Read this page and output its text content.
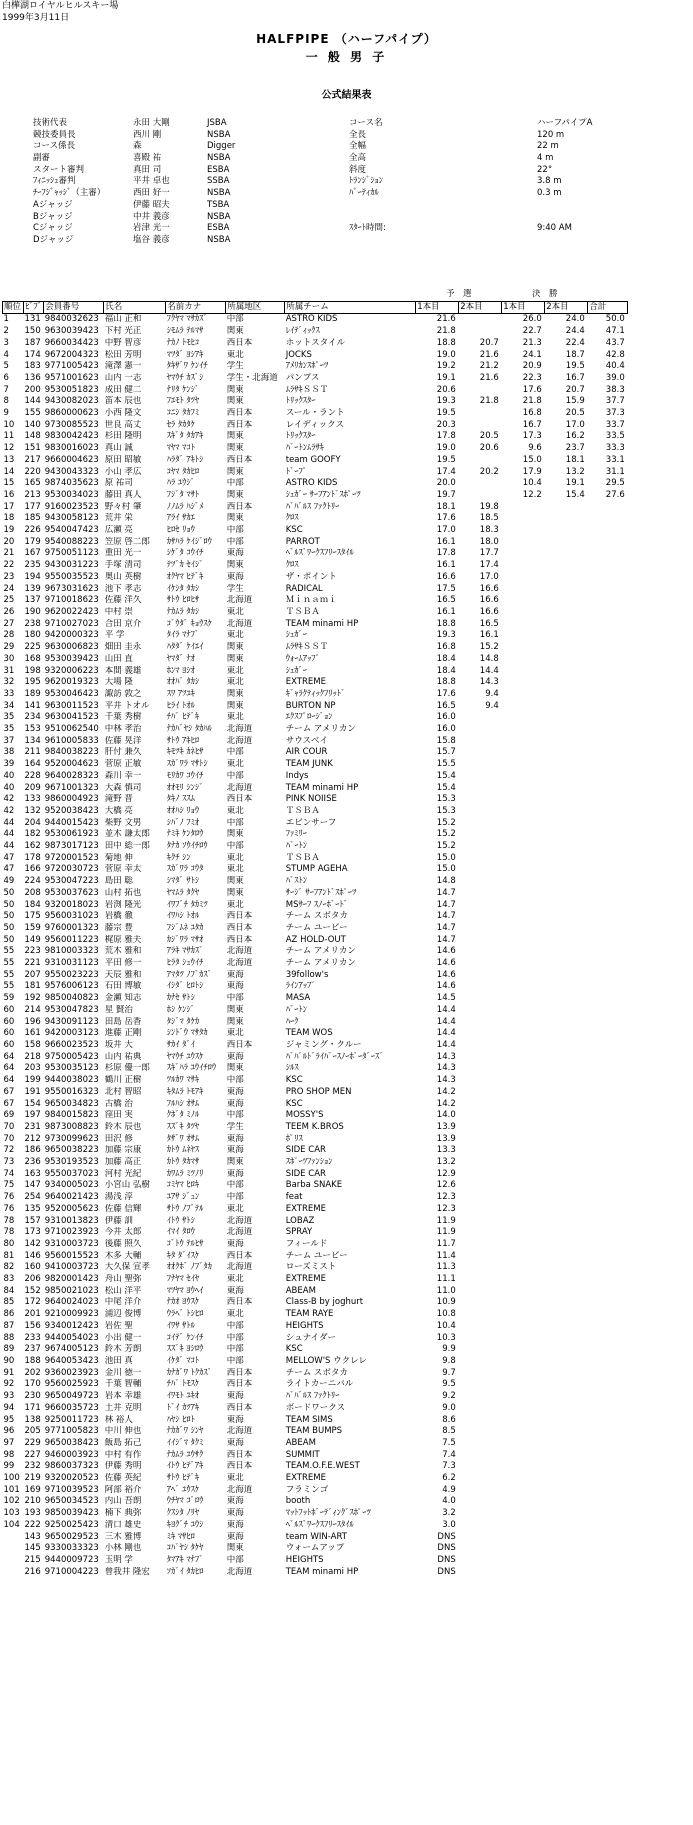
白樺湖ロイヤルヒルスキー場
1999年3月11日
HALFPIPE （ハーフパイプ）
一 般 男 子
公式結果表
技術代表	永田 大剛	JSBA
競技委員長	西川 剛	NSBA
コース係長	森	Digger
副審	喜殿 祐	NSBA
スタート審判	真田 司	ESBA
ﾌｨﾆｯｼｭ審判	平井 卓也	SSBA
ﾁｰﾌｼﾞｬｯｼﾞ（主審）	西田 好一	NSBA
Aジャッジ	伊藤 昭夫	TSBA
Bジャッジ	中井 義彦	NSBA
Cジャッジ	岩津 光一	ESBA
Dジャッジ	塩谷 義彦	NSBA
コース名	ハーフパイプA
全長	120 m
全幅	22 m
全高	4 m
斜度	22°
ﾄﾗﾝｼﾞｼｮﾝ	3.8 m
ﾊﾞｰﾃｨｶﾙ	0.3 m
ｽﾀｰﾄ時間:	9:40 AM
							予　選		決　勝		
順位	ﾋﾞﾌﾞ	会員番号	氏名	名前カナ	所属地区	所属チーム	1本目	2本目	1本目	2本目	合計
1	131	9840032623	福山 正和	ﾌｸﾔﾏ ﾏｻｶｽﾞ	中部	ASTRO KIDS	21.6		26.0	24.0	50.0
2	150	9630039423	下村 光正	ｼﾓﾑﾗ ﾃﾙﾏｻ	関東	ﾚｲﾃﾞｨｯｸｽ	21.8		22.7	24.4	47.1
3	187	9660034423	中野 智彦	ﾅｶﾉ ﾄﾓﾋｺ	西日本	ホットスタイル	18.8	20.7	21.3	22.4	43.7
4	174	9672004323	松田 芳明	ﾏﾂﾀﾞ ﾖｼｱｷ	東北	JOCKS	19.0	21.6	24.1	18.7	42.8
5	183	9771005423	滝澤 憲一	ﾀｷｻﾞﾜ ｹﾝｲﾁ	学生	ｱﾒﾘｶﾝｽﾎﾟｰﾂ	19.2	21.2	20.9	19.5	40.4
6	136	9571001623	山内 一志	ﾔﾏｳﾁ ｶｽﾞｼ	学生・北海道	パンプス	19.1	21.6	22.3	16.7	39.0
7	200	9530051823	成田 健二	ﾅﾘﾀ ｹﾝｼﾞ	関東	ﾑﾗｻｷＳＳＴ	20.6		17.6	20.7	38.3
8	144	9430082023	笛本 辰也	ﾌｴﾓﾄ ﾀﾂﾔ	関東	ﾄﾘｯｸｽﾀｰ	19.3	21.8	21.8	15.9	37.7
9	155	9860000623	小西 隆文	ｺﾆｼ ﾀｶﾌﾐ	西日本	スール・ラント	19.5		16.8	20.5	37.3
10	140	9730085523	世良 高丈	ｾﾗ ﾀｶﾀｹ	西日本	レイディックス	20.3		16.7	17.0	33.7
11	148	9830042423	杉田 隆明	ｽｷﾞﾀ ﾀｶｱｷ	関東	ﾄﾘｯｸｽﾀｰ	17.8	20.5	17.3	16.2	33.5
12	151	9830016023	真山 誠	ﾏﾔﾏ ﾏｺﾄ	関東	ﾊﾞｰﾄﾝﾑﾗｻｷ	19.0	20.6	9.6	23.7	33.3
13	217	9660004623	原田 昭敏	ﾊﾗﾀﾞ ｱｷﾄｼ	西日本	team GOOFY	19.5		15.0	18.1	33.1
14	220	9430043323	小山 孝広	ｺﾔﾏ ﾀｶﾋﾛ	関東	ﾄﾞｰﾌﾟ	17.4	20.2	17.9	13.2	31.1
15	165	9874035623	原 祐司	ﾊﾗ ﾕｳｼﾞ	中部	ASTRO KIDS	20.0		10.4	19.1	29.5
16	213	9530034023	藤田 真人	ﾌｼﾞﾀ ﾏｻﾄ	関東	ｼｭｶﾞｰ ｻｰﾌｱﾝﾄﾞｽﾎﾟｰﾂ	19.7		12.2	15.4	27.6
17	177	9160023523	野々村 肇	ﾉﾉﾑﾗ ﾊｼﾞﾒ	西日本	ﾊﾞﾊﾞﾙｽ ﾌｧｸﾄﾘｰ	18.1	19.8			
18	185	9430058123	荒井 栄	ｱﾗｲ ｻｶｴ	関東	ｸﾛｽ	17.6	18.5			
19	226	9540047423	広瀬 亮	ﾋﾛｾ ﾘｮｳ	中部	KSC	17.0	18.3			
20	179	9540088223	笠原 啓二郎	ｶｻﾊﾗ ｹｲｼﾞﾛｳ	中部	PARROT	16.1	18.0			
21	167	9750051123	重田 光一	ｼｹﾞﾀ ｺｳｲﾁ	東海	ﾍﾞﾙｽﾞﾜｰｸｽﾌﾘｰｽﾀｲﾙ	17.8	17.7			
22	235	9430031223	手塚 清司	ﾃﾂﾞｶ ｾｲｼﾞ	関東	ｸﾛｽ	16.1	17.4			
23	194	9550035523	奥山 英樹	ｵｸﾔﾏ ﾋﾃﾞｷ	東海	ザ・ポイント	16.6	17.0			
24	139	9673031623	池下 孝志	ｲｹｼﾀ ﾀｶｼ	学生	RADICAL	17.5	16.6			
25	137	9710018623	佐藤 洋久	ｻﾄｳ ﾋﾛﾋｻ	北海道	Ｍｉｎａｍｉ	16.5	16.6			
26	190	9620022423	中村 崇	ﾅｶﾑﾗ ﾀｶｼ	東北	ＴＳＢＡ	16.1	16.6			
27	238	9710027023	合田 京介	ｺﾞｳﾀﾞ ｷｮｳｽｹ	北海道	TEAM minami HP	18.8	16.5			
28	180	9420000323	平 学	ﾀｲﾗ ﾏﾅﾌﾞ	東北	ｼｭｶﾞｰ	19.3	16.1			
29	225	9630006823	畑田 圭永	ﾊﾀﾀﾞ ｹｲｴｲ	関東	ﾑﾗｻｷＳＳＴ	16.8	15.2			
30	168	9530039423	山田 直	ﾔﾏﾀﾞ ﾅｵ	関東	ｳｫｰﾑｱｯﾌﾟ	18.4	14.8			
31	198	9320006223	本間 義雄	ﾎﾝﾏ ﾖｼｵ	東北	ｼｭｶﾞｰ	18.4	14.4			
32	195	9620019323	大場 隆	ｵｵﾊﾞ ﾀｶｼ	東北	EXTREME	18.8	14.3			
33	189	9530046423	諏訪 敦之	ｽﾜ ｱﾂﾕｷ	関東	ｷﾞｬﾗｸﾃｨｯｸﾌﾘｯﾄﾞ	17.6	9.4			
34	141	9630011523	平井 トオル	ﾋﾗｲ ﾄｵﾙ	関東	BURTON NP	16.5	9.4			
35	234	9630041523	千葉 秀樹	ﾁﾊﾞ ﾋﾃﾞｷ	東北	ｴｸｽﾌﾟﾛｰｼﾞｮﾝ	16.0				
35	153	9510062540	中林 孝治	ﾅｶﾊﾞﾔｼ ﾀｶﾊﾙ	北海道	チーム アメリカン	16.0				
37	134	9610005833	佐藤 晃洋	ｻﾄｳ ｱｷﾋﾛ	北海道	サウスベイ	15.8				
38	211	9840038223	肝付 兼久	ｷﾓﾂｷ ｶﾈﾋｻ	中部	AIR COUR	15.7				
39	164	9520004623	菅原 正敏	ｽｶﾞﾜﾗ ﾏｻﾄｼ	東北	TEAM JUNK	15.5				
40	228	9640028323	森川 幸一	ﾓﾘｶﾜ ｺｳｲﾁ	中部	Indys	15.4				
40	209	9671001323	大森 慎司	ｵｵﾓﾘ ｼﾝｼﾞ	北海道	TEAM minami HP	15.4				
42	133	9860004923	滝野 晋	ﾀｷﾉ ｽｽﾑ	西日本	PINK NOIISE	15.3				
42	132	9520038423	大橋 亮	ｵｵﾊｼ ﾘｮｳ	東北	ＴＳＢＡ	15.3				
44	204	9440015423	柴野 文男	ｼﾊﾞﾉ ﾌﾐｵ	中部	エビンサーフ	15.2				
44	182	9530061923	並木 謙太郎	ﾅﾐｷ ｹﾝﾀﾛｳ	関東	ﾌｧﾐﾘｰ	15.2				
44	162	9873017123	田中 総一郎	ﾀﾅｶ ｿｳｲﾁﾛｳ	中部	ﾊﾞｰﾄﾝ	15.2				
47	178	9720001523	菊地 伸	ｷｸﾁ ｼﾝ	東北	ＴＳＢＡ	15.0				
47	166	9720030723	菅原 幸太	ｽｶﾞﾜﾗ ｺｳﾀ	東北	STUMP AGEHA	15.0				
49	224	9530047223	島田 聡	ｼﾏﾀﾞ ｻﾄｼ	関東	ﾊﾞｽﾄﾝ	14.8				
50	208	9530037623	山村 拓也	ﾔﾏﾑﾗ ﾀｸﾔ	関東	ｻｰｼﾞ ｻｰﾌｱﾝﾄﾞｽﾎﾟｰﾂ	14.7				
50	184	9320018023	岩渕 隆光	ｲﾜﾌﾞﾁ ﾀｶﾐﾂ	東北	MSｻｰﾌ ｽﾉｰﾎﾞｰﾄﾞ	14.7				
50	175	9560031023	岩橋 徹	ｲﾜﾊｼ ﾄｵﾙ	西日本	チーム スボタカ	14.7				
50	159	9760001323	藤宗 豊	ﾌｼﾞﾑﾈ ﾕﾀｶ	西日本	チーム ユービー	14.7				
50	149	9560011223	梶原 雅夫	ｶｼﾞﾜﾗ ﾏｻｵ	西日本	AZ HOLD-OUT	14.7				
55	223	9810003323	荒木 雅和	ｱﾗｷ ﾏｻｶｽﾞ	北海道	チーム アメリカン	14.6				
55	221	9310031123	平田 修一	ﾋﾗﾀ ｼｭｳｲﾁ	北海道	チーム アメリカン	14.6				
55	207	9550023223	天辰 雅和	ｱﾏﾀﾂ ﾉﾌﾞｶｽﾞ	東海	39follow's	14.6				
55	181	9576006123	石田 博敏	ｲｼﾀﾞ ﾋﾛﾄｼ	東海	ﾗｲﾝｱｯﾌﾟ	14.6				
59	192	9850040823	金瀬 知志	ｶﾅｾ ｻﾄｼ	中部	MASA	14.5				
60	214	9530047823	星 賢治	ﾎｼ ｹﾝｼﾞ	関東	ﾊﾞｰﾄﾝ	14.4				
60	196	9430091123	田島 岳香	ﾀｼﾞﾏ ﾀｹｶ	関東	ﾊｰｸ	14.4				
60	161	9420003123	進藤 正剛	ｼﾝﾄﾞｳ ﾏｻﾀｶ	東北	TEAM WOS	14.4				
60	158	9660023523	坂井 大	ｻｶｲ ﾀﾞｲ	西日本	ジャミング・クルー	14.4				
64	218	9750005423	山内 祐典	ﾔﾏｳﾁ ﾕｳｽｹ	東海	ﾊﾞﾊﾞﾙﾄﾞﾗｲﾊﾞｰｽﾉｰﾎﾞｰﾀﾞｰｽﾞ	14.3				
64	203	9530035123	杉原 優一郎	ｽｷﾞﾊﾗ ﾕｳｲﾁﾛｳ	関東	ｼﾙｽ	14.3				
64	199	9440038023	鶴川 正樹	ﾂﾙｶﾜ ﾏｻｷ	中部	KSC	14.3				
67	191	9550016323	北村 智昭	ｷﾀﾑﾗ ﾄﾓｱｷ	東海	PRO SHOP MEN	14.2				
67	154	9650034823	古橋 治	ﾌﾙﾊｼ ｵｻﾑ	東海	KSC	14.2				
69	197	9840015823	窪田 実	ｸﾎﾞﾀ ﾐﾉﾙ	中部	MOSSY'S	14.0				
70	231	9873008823	鈴木 辰也	ｽｽﾞｷ ﾀﾂﾔ	学生	TEEM K.BROS	13.9				
70	212	9730099623	田沢 修	ﾀｻﾞﾜ ｵｻﾑ	東海	ﾎﾟﾘｽ	13.9				
72	186	9650038223	加藤 宗康	ｶﾄｳ ﾑﾈﾔｽ	東海	SIDE CAR	13.3				
73	236	9530193523	加藤 高正	ｶﾄｳ ﾀｶﾏｻ	関東	ｽﾎﾟｰﾂﾌｧﾝｼｮﾝ	13.2				
74	163	9550037023	河村 光紀	ｶﾜﾑﾗ ﾐﾂﾉﾘ	東海	SIDE CAR	12.9				
75	147	9340005023	小宮山 弘樹	ｺﾐﾔﾏ ﾋﾛｷ	中部	Barba SNAKE	12.6				
76	254	9640021423	湯浅 淳	ﾕｱｻ ｼﾞｭﾝ	中部	feat	12.3				
76	135	9520005623	佐藤 信輝	ｻﾄｳ ﾉﾌﾞﾃﾙ	東北	EXTREME	12.3				
78	157	9310013823	伊藤 訓	ｲﾄｳ ｻﾄｼ	北海道	LOBAZ	11.9				
78	173	9710023923	今井 太郎	ｲﾏｲ ﾀﾛｳ	北海道	SPRAY	11.9				
80	142	9310003723	後藤 照久	ｺﾞﾄｳ ﾃﾙﾋｻ	東海	フィールド	11.7				
81	146	9560015523	木多 大輔	ｷﾀ ﾀﾞｲｽｹ	西日本	チーム ユービー	11.4				
82	160	9410003723	大久保 宣孝	ｵｵｸﾎﾞ ﾉﾌﾞﾀｶ	北海道	ローズミスト	11.3				
83	206	9820001423	舟山 聖弥	ﾌﾅﾔﾏ ｾｲﾔ	東北	EXTREME	11.1				
84	152	9850021023	松山 洋平	ﾏﾂﾔﾏ ﾖｳﾍｲ	東海	ABEAM	11.0				
85	172	9640024023	中尾 洋介	ﾅｶｵ ﾖｳｽｹ	西日本	Class-B by joghurt	10.9				
86	201	9210009923	浦辺 俊博	ｳﾗﾍﾞ ﾄｼﾋﾛ	東北	TEAM RAYE	10.8				
87	156	9340012423	岩佐 聖	ｲﾜｻ ｻﾄﾙ	中部	HEIGHTS	10.4				
88	233	9440054023	小出 健一	ｺｲﾃﾞ ｹﾝｲﾁ	中部	シュナイダー	10.3				
89	237	9674005123	鈴木 芳朗	ｽｽﾞｷ ﾖｼﾛｳ	中部	KSC	9.9				
90	188	9640053423	池田 真	ｲｹﾀﾞ ﾏｺﾄ	中部	MELLOW'S ウクレレ	9.8				
91	202	9360023923	金川 徳一	ｶﾅｶﾞﾜ ﾄｸｶｽﾞ	西日本	チーム スボタカ	9.7				
92	170	9560025923	千葉 智輔	ﾁﾊﾞ ﾄﾓｽｹ	西日本	ライトカーニバル	9.5				
93	230	9650049723	岩本 幸雄	ｲﾜﾓﾄ ﾕｷｵ	東海	ﾊﾞﾊﾞﾙｽ ﾌｧｸﾄﾘｰ	9.2				
94	171	9660035723	土井 克明	ﾄﾞｲ ｶﾂｱｷ	西日本	ボードワークス	9.0				
95	138	9250011723	林 裕人	ﾊﾔｼ ﾋﾛﾄ	東海	TEAM SIMS	8.6				
96	205	9771005823	中川 伸也	ﾅｶｶﾞﾜ ｼﾝﾔ	北海道	TEAM BUMPS	8.5				
97	229	9650038423	飯島 拓己	ｲｲｼﾞﾏ ﾀｸﾐ	東海	ABEAM	7.5				
98	227	9460003923	中村 有作	ﾅｶﾑﾗ ﾕｳｻｸ	西日本	SUMMIT	7.4				
99	232	9860037323	伊藤 秀明	ｲﾄｳ ﾋﾃﾞｱｷ	西日本	TEAM.O.F.E.WEST	7.3				
100	219	9320020523	佐藤 英紀	ｻﾄｳ ﾋﾃﾞｷ	東北	EXTREME	6.2				
101	169	9710039523	阿部 裕介	ｱﾍﾞ ﾕｳｽｹ	北海道	フラミンゴ	4.9				
102	210	9650034523	内山 吾朗	ｳﾁﾔﾏ ｺﾞﾛｳ	東海	booth	4.0				
103	193	9850039423	楠下 典弥	ｸｽｼﾀ ﾉﾘﾔ	東海	ﾏｯﾄﾌｯﾄﾎﾞｰﾃﾞｨﾝｸﾞｽﾎﾟｰﾂ	3.2				
104	222	9250025423	清口 雄史	ｷﾖｸﾞﾁ ﾕｳｼ	東海	ﾍﾞﾙｽﾞﾜｰｸｽﾌﾘｰｽﾀｲﾙ	3.0				
	143	9650029523	三木 雅博	ﾐｷ ﾏｻﾋﾛ	東海	team WIN-ART	DNS				
	145	9330033323	小林 剛也	ｺﾊﾞﾔｼ ﾀｹﾔ	関東	ウォームアップ	DNS				
	215	9440009723	玉明 学	ﾀﾏｱｷ ﾏﾅﾌﾞ	中部	HEIGHTS	DNS				
	216	9710004223	曾我井 隆宏	ｿｶﾞｲ ﾀｶﾋﾛ	北海道	TEAM minami HP	DNS				
